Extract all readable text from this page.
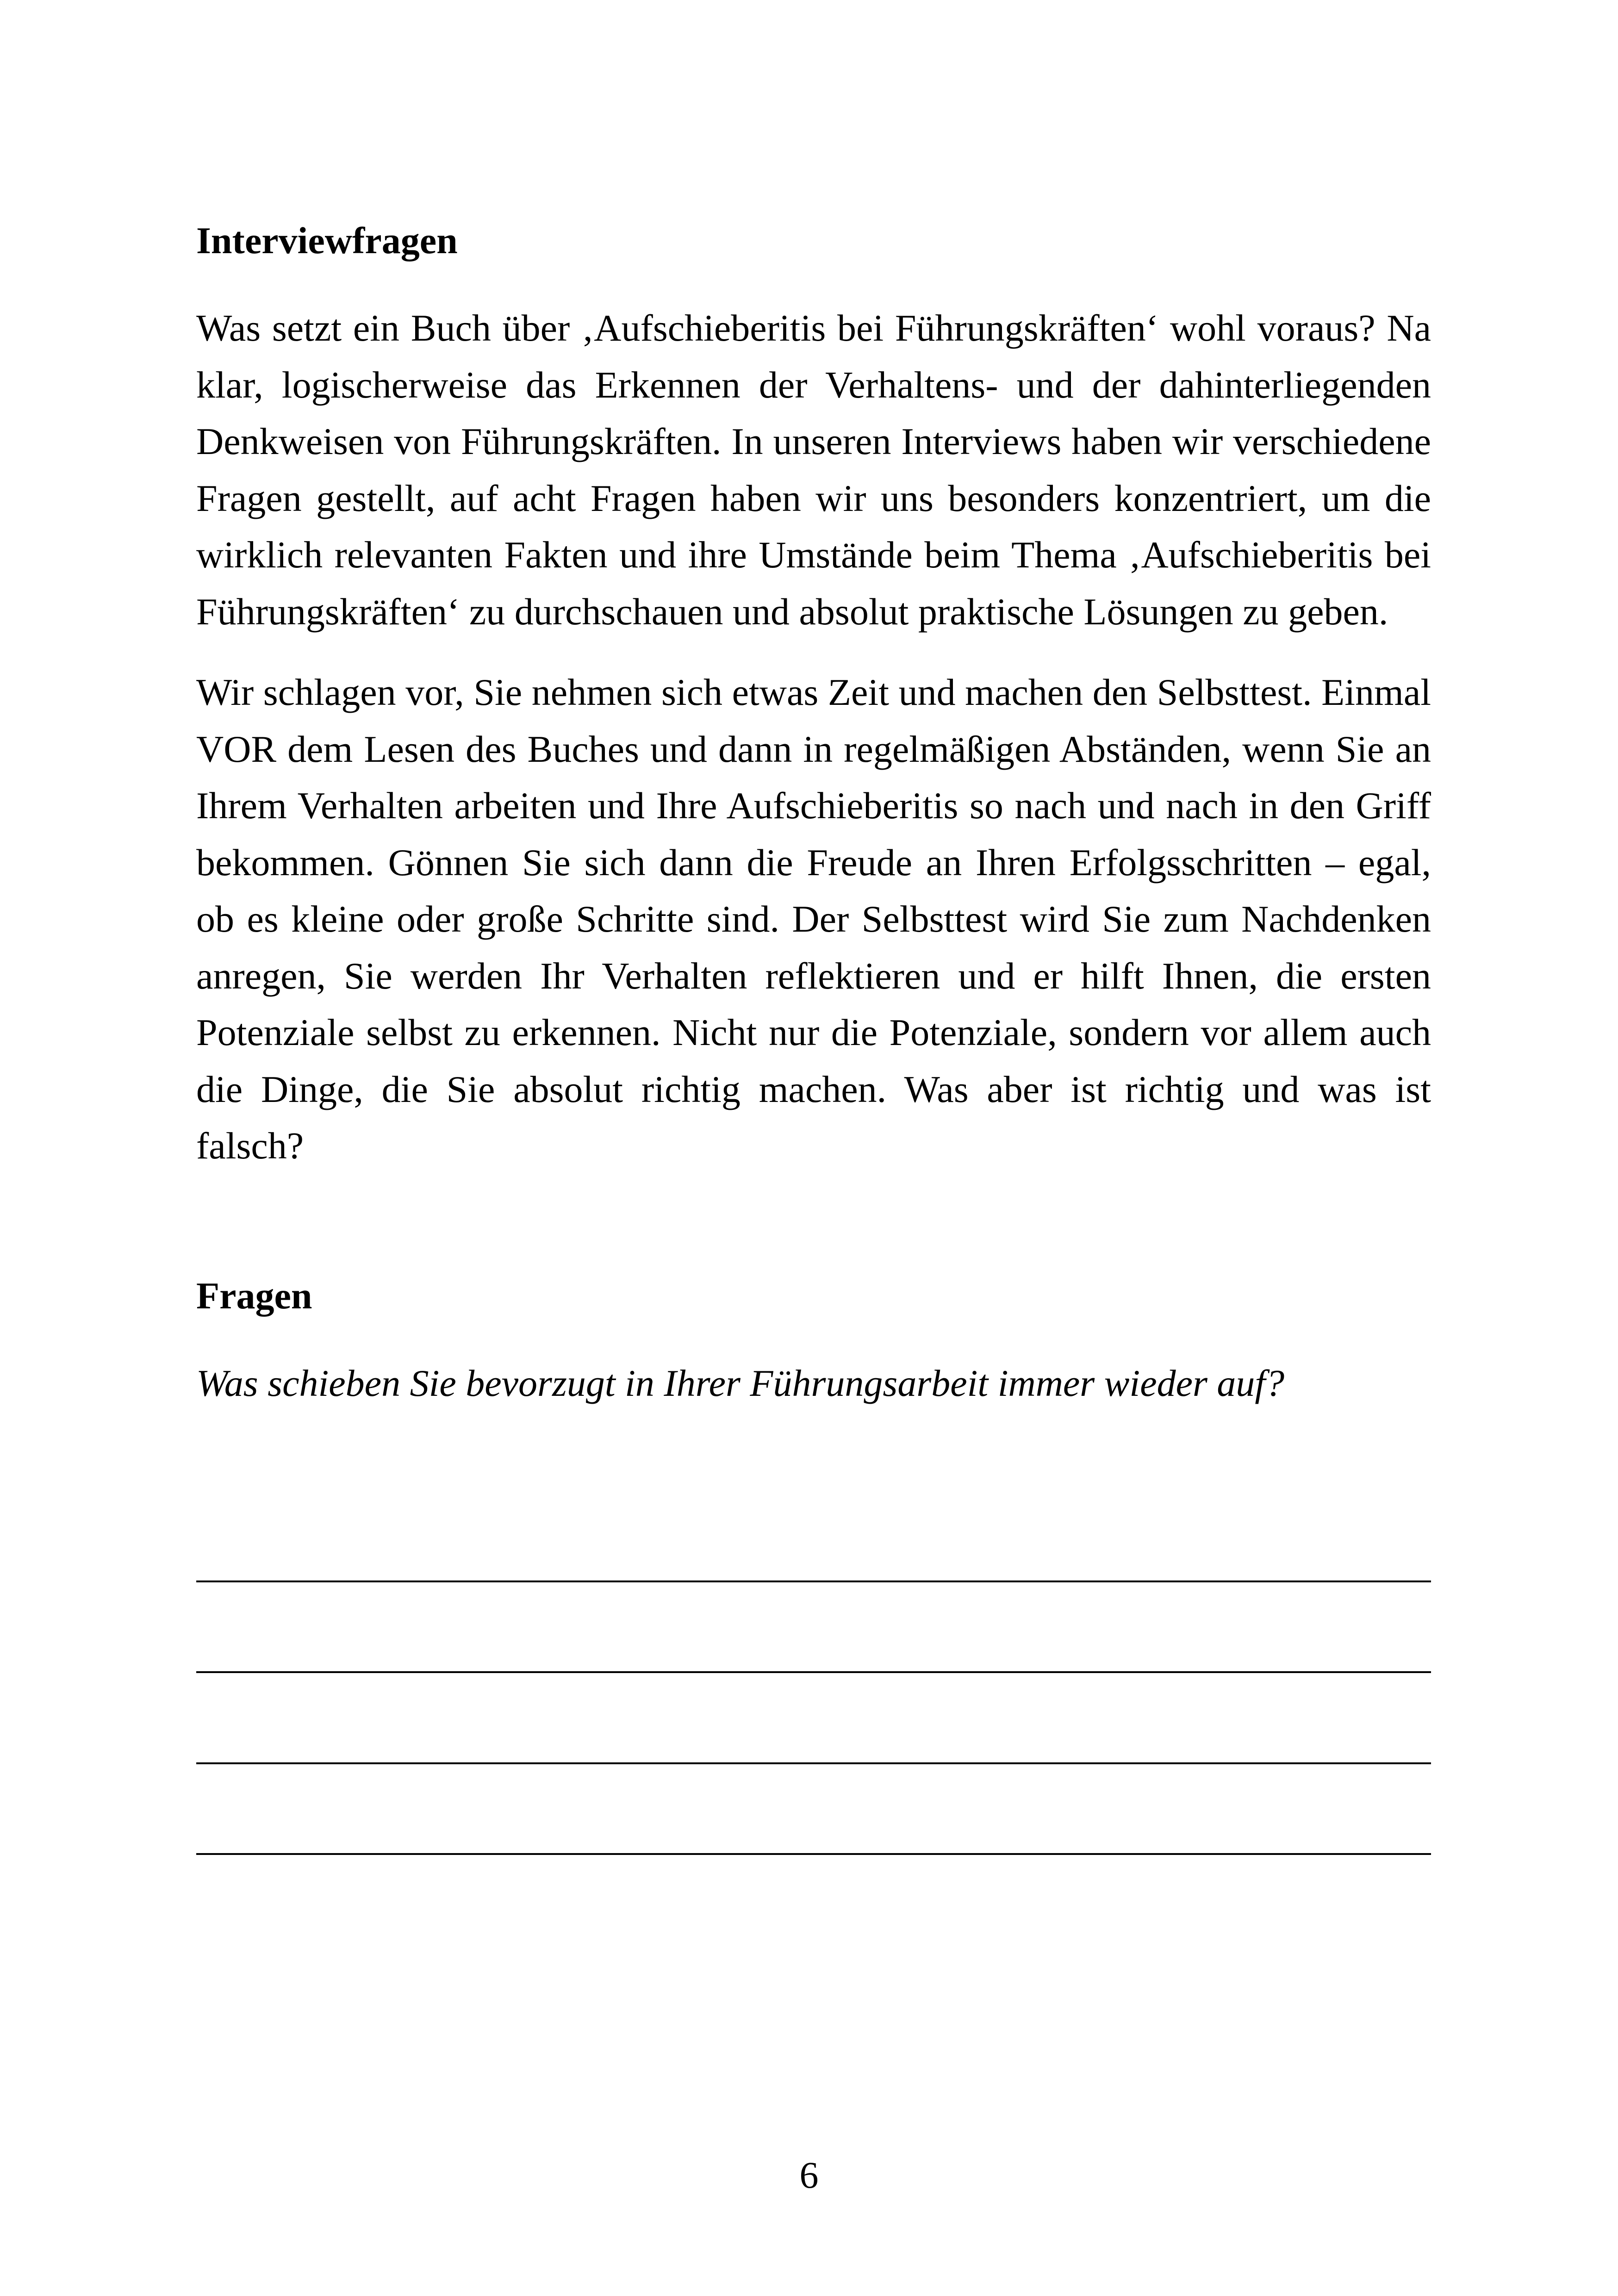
Interviewfragen

Was setzt ein Buch über ‚Aufschieberitis bei Führungskräften‘ wohl voraus? Na klar, logischerweise das Erkennen der Verhaltens- und der dahinterliegenden Denkweisen von Führungskräften. In unseren Interviews haben wir verschiedene Fragen gestellt, auf acht Fragen haben wir uns besonders konzentriert, um die wirklich relevanten Fakten und ihre Umstände beim Thema ‚Aufschieberitis bei Führungskräften‘ zu durchschauen und absolut praktische Lösungen zu geben.

Wir schlagen vor, Sie nehmen sich etwas Zeit und machen den Selbsttest. Einmal VOR dem Lesen des Buches und dann in regelmäßigen Abständen, wenn Sie an Ihrem Verhalten arbeiten und Ihre Aufschieberitis so nach und nach in den Griff bekommen. Gönnen Sie sich dann die Freude an Ihren Erfolgsschritten – egal, ob es kleine oder große Schritte sind. Der Selbsttest wird Sie zum Nachdenken anregen, Sie werden Ihr Verhalten reflektieren und er hilft Ihnen, die ersten Potenziale selbst zu erkennen. Nicht nur die Potenziale, sondern vor allem auch die Dinge, die Sie absolut richtig machen. Was aber ist richtig und was ist falsch?

Fragen

Was schieben Sie bevorzugt in Ihrer Führungsarbeit immer wieder auf?

6
